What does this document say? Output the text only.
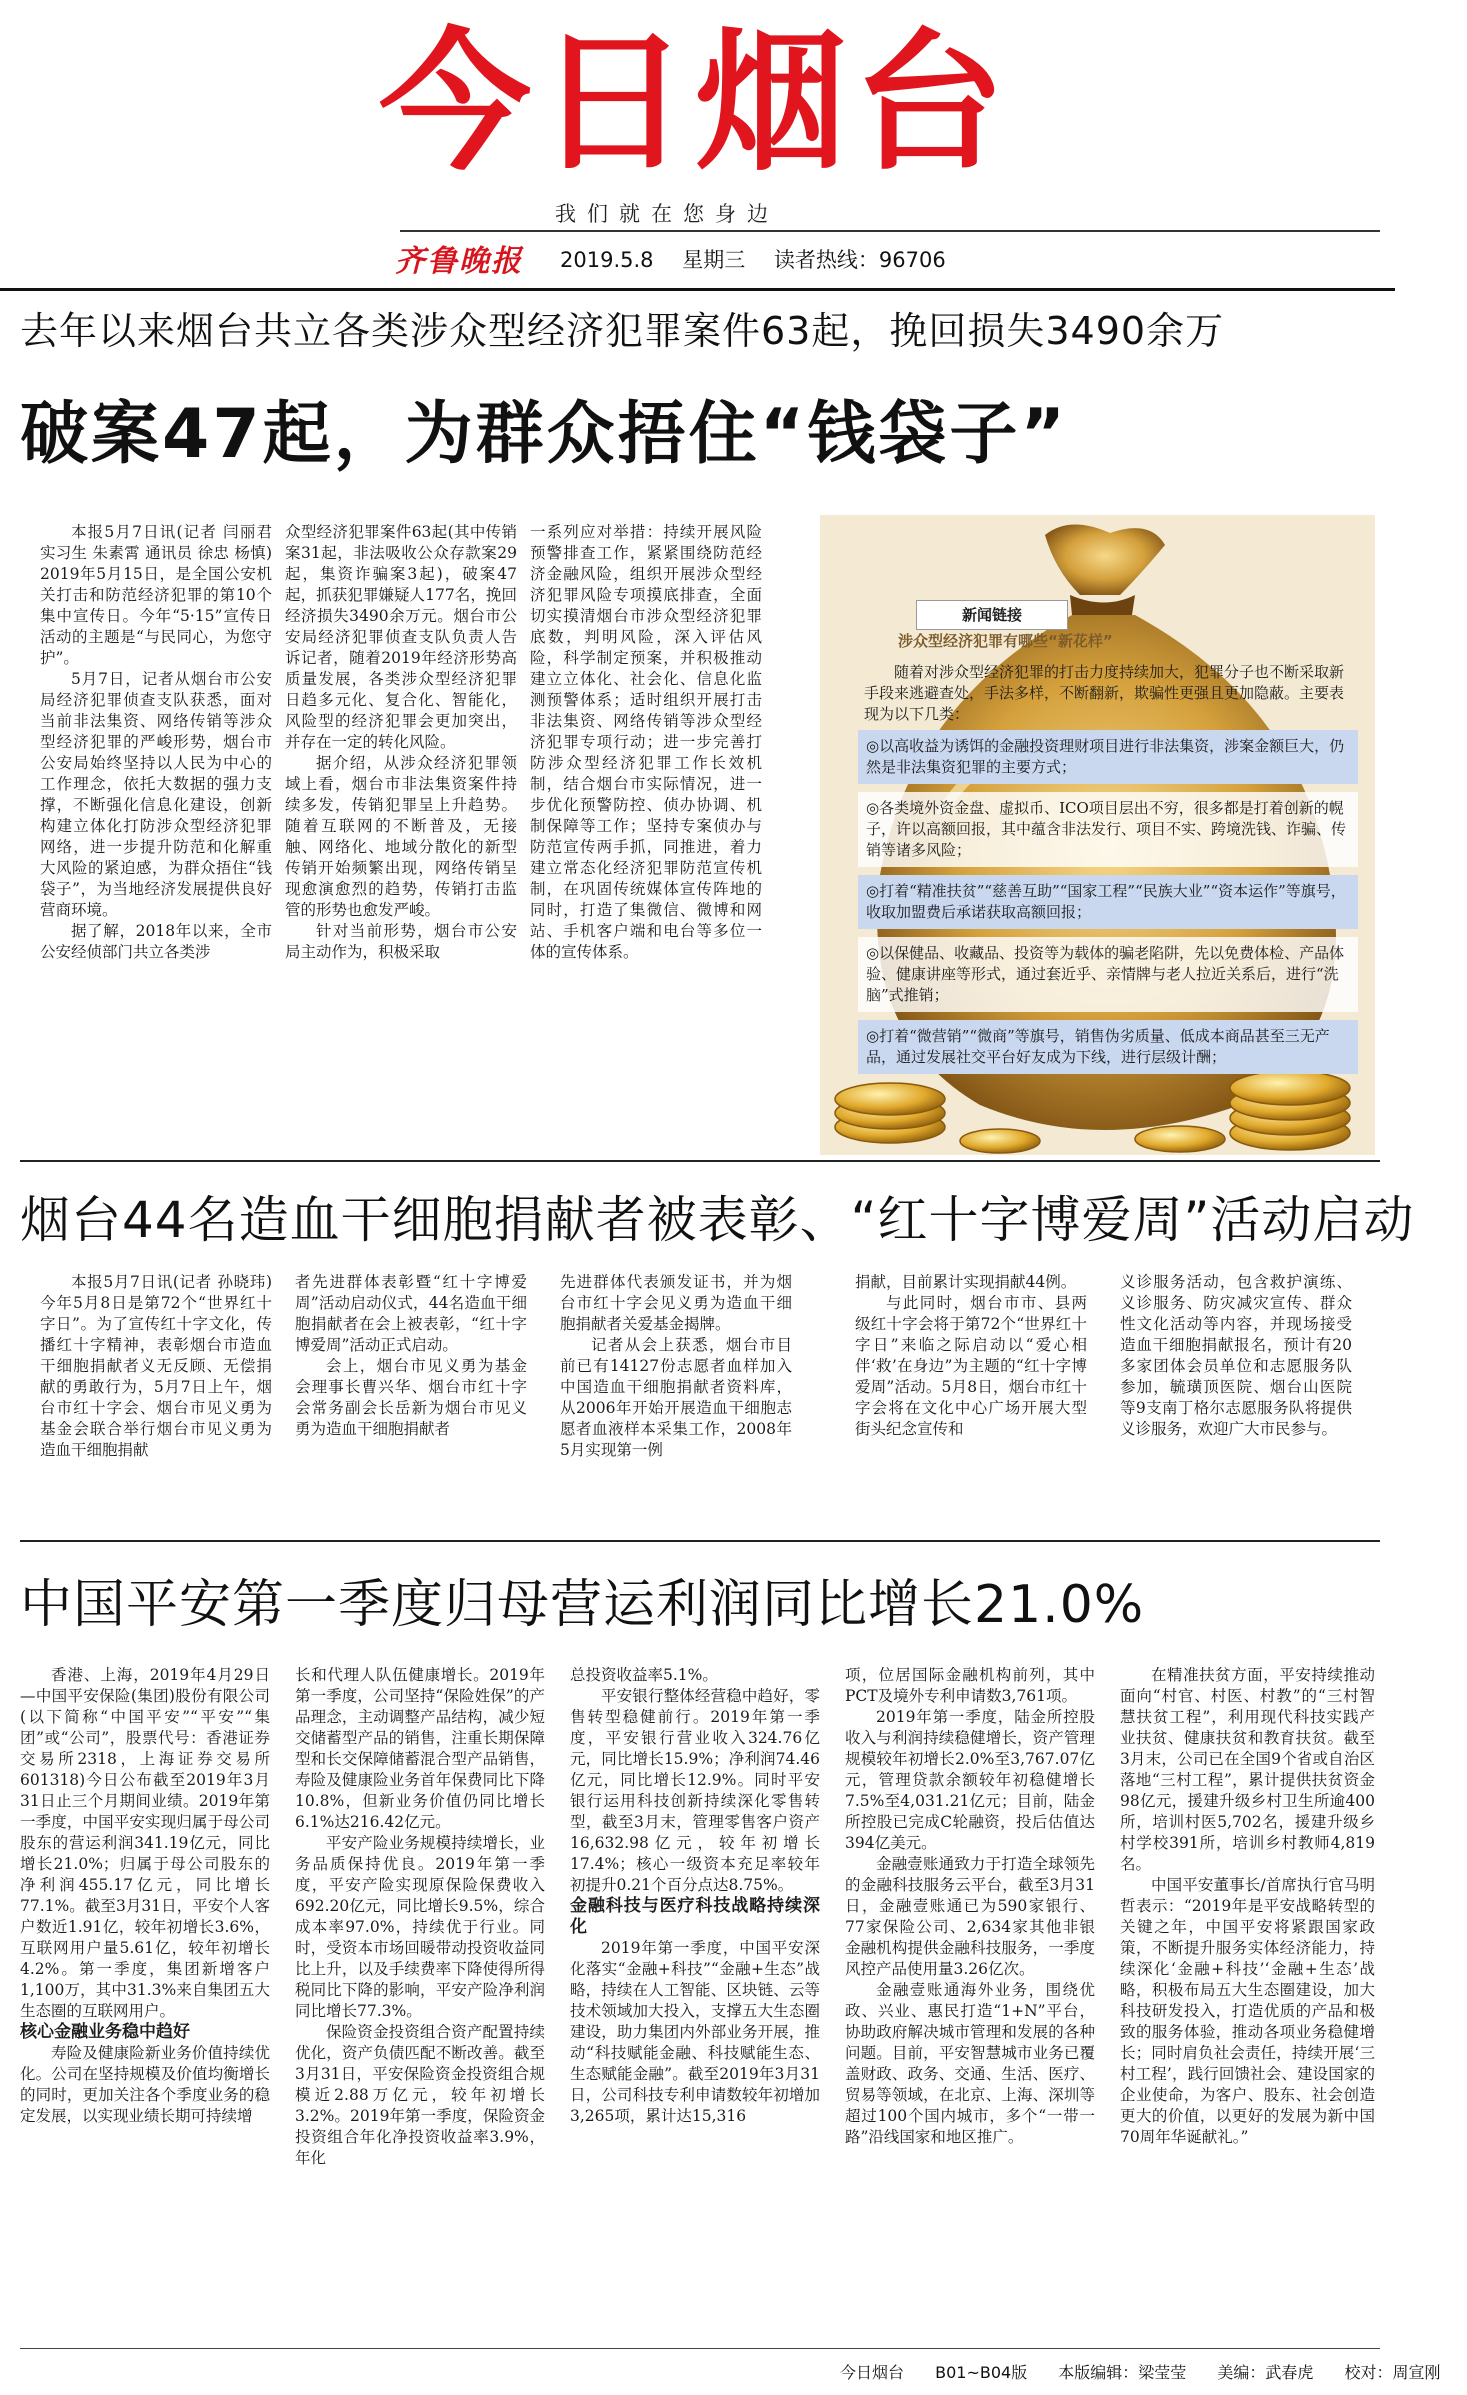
今日烟台
我们就在您身边
齐鲁晚报 2019.5.8 星期三 读者热线：96706
去年以来烟台共立各类涉众型经济犯罪案件63起，挽回损失3490余万
破案47起，为群众捂住“钱袋子”

本报5月7日讯(记者 闫丽君 实习生 朱素霄 通讯员 徐忠 杨慎) 2019年5月15日，是全国公安机关打击和防范经济犯罪的第10个集中宣传日。今年“5·15”宣传日活动的主题是“与民同心，为您守护”。

5月7日，记者从烟台市公安局经济犯罪侦查支队获悉，面对当前非法集资、网络传销等涉众型经济犯罪的严峻形势，烟台市公安局始终坚持以人民为中心的工作理念，依托大数据的强力支撑，不断强化信息化建设，创新构建立体化打防涉众型经济犯罪网络，进一步提升防范和化解重大风险的紧迫感，为群众捂住“钱袋子”，为当地经济发展提供良好营商环境。

据了解，2018年以来，全市公安经侦部门共立各类涉

众型经济犯罪案件63起(其中传销案31起，非法吸收公众存款案29起，集资诈骗案3起)，破案47起，抓获犯罪嫌疑人177名，挽回经济损失3490余万元。烟台市公安局经济犯罪侦查支队负责人告诉记者，随着2019年经济形势高质量发展，各类涉众型经济犯罪日趋多元化、复合化、智能化，风险型的经济犯罪会更加突出，并存在一定的转化风险。

据介绍，从涉众经济犯罪领域上看，烟台市非法集资案件持续多发，传销犯罪呈上升趋势。随着互联网的不断普及，无接触、网络化、地域分散化的新型传销开始频繁出现，网络传销呈现愈演愈烈的趋势，传销打击监管的形势也愈发严峻。

针对当前形势，烟台市公安局主动作为，积极采取

一系列应对举措：持续开展风险预警排查工作，紧紧围绕防范经济金融风险，组织开展涉众型经济犯罪风险专项摸底排查，全面切实摸清烟台市涉众型经济犯罪底数，判明风险，深入评估风险，科学制定预案，并积极推动建立立体化、社会化、信息化监测预警体系；适时组织开展打击非法集资、网络传销等涉众型经济犯罪专项行动；进一步完善打防涉众型经济犯罪工作长效机制，结合烟台市实际情况，进一步优化预警防控、侦办协调、机制保障等工作；坚持专案侦办与防范宣传两手抓，同推进，着力建立常态化经济犯罪防范宣传机制，在巩固传统媒体宣传阵地的同时，打造了集微信、微博和网站、手机客户端和电台等多位一体的宣传体系。

新闻链接
涉众型经济犯罪有哪些“新花样”

随着对涉众型经济犯罪的打击力度持续加大，犯罪分子也不断采取新手段来逃避查处，手法多样，不断翻新，欺骗性更强且更加隐蔽。主要表现为以下几类：

◎以高收益为诱饵的金融投资理财项目进行非法集资，涉案金额巨大，仍然是非法集资犯罪的主要方式；
◎各类境外资金盘、虚拟币、ICO项目层出不穷，很多都是打着创新的幌子，许以高额回报，其中蕴含非法发行、项目不实、跨境洗钱、诈骗、传销等诸多风险；
◎打着“精准扶贫”“慈善互助”“国家工程”“民族大业”“资本运作”等旗号，收取加盟费后承诺获取高额回报；
◎以保健品、收藏品、投资等为载体的骗老陷阱，先以免费体检、产品体验、健康讲座等形式，通过套近乎、亲情牌与老人拉近关系后，进行“洗脑”式推销；
◎打着“微营销”“微商”等旗号，销售伪劣质量、低成本商品甚至三无产品，通过发展社交平台好友成为下线，进行层级计酬；
烟台44名造血干细胞捐献者被表彰、“红十字博爱周”活动启动

本报5月7日讯(记者 孙晓玮) 今年5月8日是第72个“世界红十字日”。为了宣传红十字文化，传播红十字精神，表彰烟台市造血干细胞捐献者义无反顾、无偿捐献的勇敢行为，5月7日上午，烟台市红十字会、烟台市见义勇为基金会联合举行烟台市见义勇为造血干细胞捐献

者先进群体表彰暨“红十字博爱周”活动启动仪式，44名造血干细胞捐献者在会上被表彰，“红十字博爱周”活动正式启动。

会上，烟台市见义勇为基金会理事长曹兴华、烟台市红十字会常务副会长岳新为烟台市见义勇为造血干细胞捐献者

先进群体代表颁发证书，并为烟台市红十字会见义勇为造血干细胞捐献者关爱基金揭牌。

记者从会上获悉，烟台市目前已有14127份志愿者血样加入中国造血干细胞捐献者资料库，从2006年开始开展造血干细胞志愿者血液样本采集工作，2008年5月实现第一例

捐献，目前累计实现捐献44例。

与此同时，烟台市市、县两级红十字会将于第72个“世界红十字日”来临之际启动以“爱心相伴‘救’在身边”为主题的“红十字博爱周”活动。5月8日，烟台市红十字会将在文化中心广场开展大型街头纪念宣传和

义诊服务活动，包含救护演练、义诊服务、防灾减灾宣传、群众性文化活动等内容，并现场接受造血干细胞捐献报名，预计有20多家团体会员单位和志愿服务队参加，毓璜顶医院、烟台山医院等9支南丁格尔志愿服务队将提供义诊服务，欢迎广大市民参与。

中国平安第一季度归母营运利润同比增长21.0%

香港、上海，2019年4月29日—中国平安保险(集团)股份有限公司(以下简称“中国平安”“平安”“集团”或“公司”，股票代号：香港证券交易所2318，上海证券交易所601318)今日公布截至2019年3月31日止三个月期间业绩。2019年第一季度，中国平安实现归属于母公司股东的营运利润341.19亿元，同比增长21.0%；归属于母公司股东的净利润455.17亿元，同比增长77.1%。截至3月31日，平安个人客户数近1.91亿，较年初增长3.6%，互联网用户量5.61亿，较年初增长4.2%。第一季度，集团新增客户1,100万，其中31.3%来自集团五大生态圈的互联网用户。

核心金融业务稳中趋好

寿险及健康险新业务价值持续优化。公司在坚持规模及价值均衡增长的同时，更加关注各个季度业务的稳定发展，以实现业绩长期可持续增

长和代理人队伍健康增长。2019年第一季度，公司坚持“保险姓保”的产品理念，主动调整产品结构，减少短交储蓄型产品的销售，注重长期保障型和长交保障储蓄混合型产品销售，寿险及健康险业务首年保费同比下降10.8%，但新业务价值仍同比增长6.1%达216.42亿元。

平安产险业务规模持续增长，业务品质保持优良。2019年第一季度，平安产险实现原保险保费收入692.20亿元，同比增长9.5%，综合成本率97.0%，持续优于行业。同时，受资本市场回暖带动投资收益同比上升，以及手续费率下降使得所得税同比下降的影响，平安产险净利润同比增长77.3%。

保险资金投资组合资产配置持续优化，资产负债匹配不断改善。截至3月31日，平安保险资金投资组合规模近2.88万亿元，较年初增长3.2%。2019年第一季度，保险资金投资组合年化净投资收益率3.9%，年化

总投资收益率5.1%。

平安银行整体经营稳中趋好，零售转型稳健前行。2019年第一季度，平安银行营业收入324.76亿元，同比增长15.9%；净利润74.46亿元，同比增长12.9%。同时平安银行运用科技创新持续深化零售转型，截至3月末，管理零售客户资产16,632.98亿元，较年初增长17.4%；核心一级资本充足率较年初提升0.21个百分点达8.75%。

金融科技与医疗科技战略持续深化

2019年第一季度，中国平安深化落实“金融+科技”“金融+生态”战略，持续在人工智能、区块链、云等技术领域加大投入，支撑五大生态圈建设，助力集团内外部业务开展，推动“科技赋能金融、科技赋能生态、生态赋能金融”。截至2019年3月31日，公司科技专利申请数较年初增加3,265项，累计达15,316

项，位居国际金融机构前列，其中PCT及境外专利申请数3,761项。

2019年第一季度，陆金所控股收入与利润持续稳健增长，资产管理规模较年初增长2.0%至3,767.07亿元，管理贷款余额较年初稳健增长7.5%至4,031.21亿元；目前，陆金所控股已完成C轮融资，投后估值达394亿美元。

金融壹账通致力于打造全球领先的金融科技服务云平台，截至3月31日，金融壹账通已为590家银行、77家保险公司、2,634家其他非银金融机构提供金融科技服务，一季度风控产品使用量3.26亿次。

金融壹账通海外业务，围绕优政、兴业、惠民打造“1+N”平台，协助政府解决城市管理和发展的各种问题。目前，平安智慧城市业务已覆盖财政、政务、交通、生活、医疗、贸易等领域，在北京、上海、深圳等超过100个国内城市，多个“一带一路”沿线国家和地区推广。

在精准扶贫方面，平安持续推动面向“村官、村医、村教”的“三村智慧扶贫工程”，利用现代科技实践产业扶贫、健康扶贫和教育扶贫。截至3月末，公司已在全国9个省或自治区落地“三村工程”，累计提供扶贫资金98亿元，援建升级乡村卫生所逾400所，培训村医5,702名，援建升级乡村学校391所，培训乡村教师4,819名。

中国平安董事长/首席执行官马明哲表示：“2019年是平安战略转型的关键之年，中国平安将紧跟国家政策，不断提升服务实体经济能力，持续深化‘金融+科技’‘金融+生态’战略，积极布局五大生态圈建设，加大科技研发投入，打造优质的产品和极致的服务体验，推动各项业务稳健增长；同时肩负社会责任，持续开展‘三村工程’，践行回馈社会、建设国家的企业使命，为客户、股东、社会创造更大的价值，以更好的发展为新中国70周年华诞献礼。”

今日烟台 B01~B04版 本版编辑：梁莹莹 美编：武春虎 校对：周宣刚
